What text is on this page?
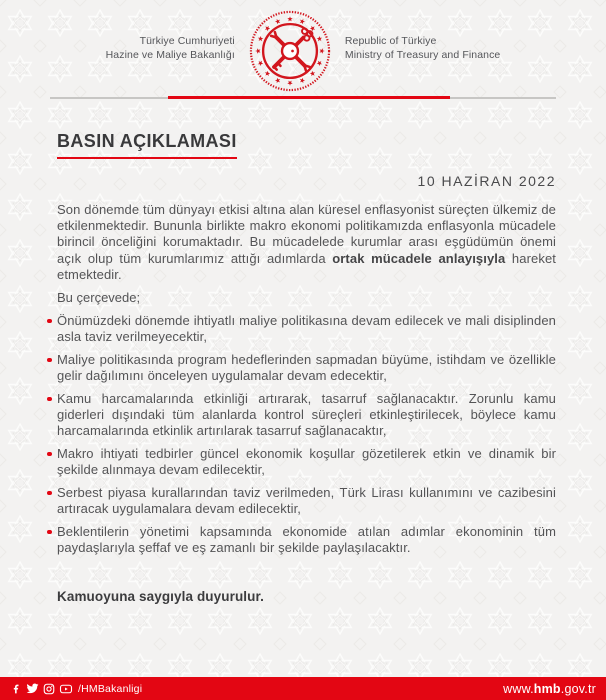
Türkiye Cumhuriyeti
Hazine ve Maliye Bakanlığı
Republic of Türkiye
Ministry of Treasury and Finance
BASIN AÇIKLAMASI
10 HAZİRAN 2022

Son dönemde tüm dünyayı etkisi altına alan küresel enflasyonist süreçten ülkemiz de etkilenmektedir. Bununla birlikte makro ekonomi politikamızda enflasyonla mücadele birincil önceliğini korumaktadır. Bu mücadelede kurumlar arası eşgüdümün önemi açık olup tüm kurumlarımız attığı adımlarda ortak mücadele anlayışıyla hareket etmektedir.

Bu çerçevede;

Önümüzdeki dönemde ihtiyatlı maliye politikasına devam edilecek ve mali disiplinden asla taviz verilmeyecektir,
Maliye politikasında program hedeflerinden sapmadan büyüme, istihdam ve özellikle gelir dağılımını önceleyen uygulamalar devam edecektir,
Kamu harcamalarında etkinliği artırarak, tasarruf sağlanacaktır. Zorunlu kamu giderleri dışındaki tüm alanlarda kontrol süreçleri etkinleştirilecek, böylece kamu harcamalarında etkinlik artırılarak tasarruf sağlanacaktır,
Makro ihtiyati tedbirler güncel ekonomik koşullar gözetilerek etkin ve dinamik bir şekilde alınmaya devam edilecektir,
Serbest piyasa kurallarından taviz verilmeden, Türk Lirası kullanımını ve cazibesini artıracak uygulamalara devam edilecektir,
Beklentilerin yönetimi kapsamında ekonomide atılan adımlar ekonominin tüm paydaşlarıyla şeffaf ve eş zamanlı bir şekilde paylaşılacaktır.

Kamuoyuna saygıyla duyurulur.

/HMBakanligi	www.hmb.gov.tr
